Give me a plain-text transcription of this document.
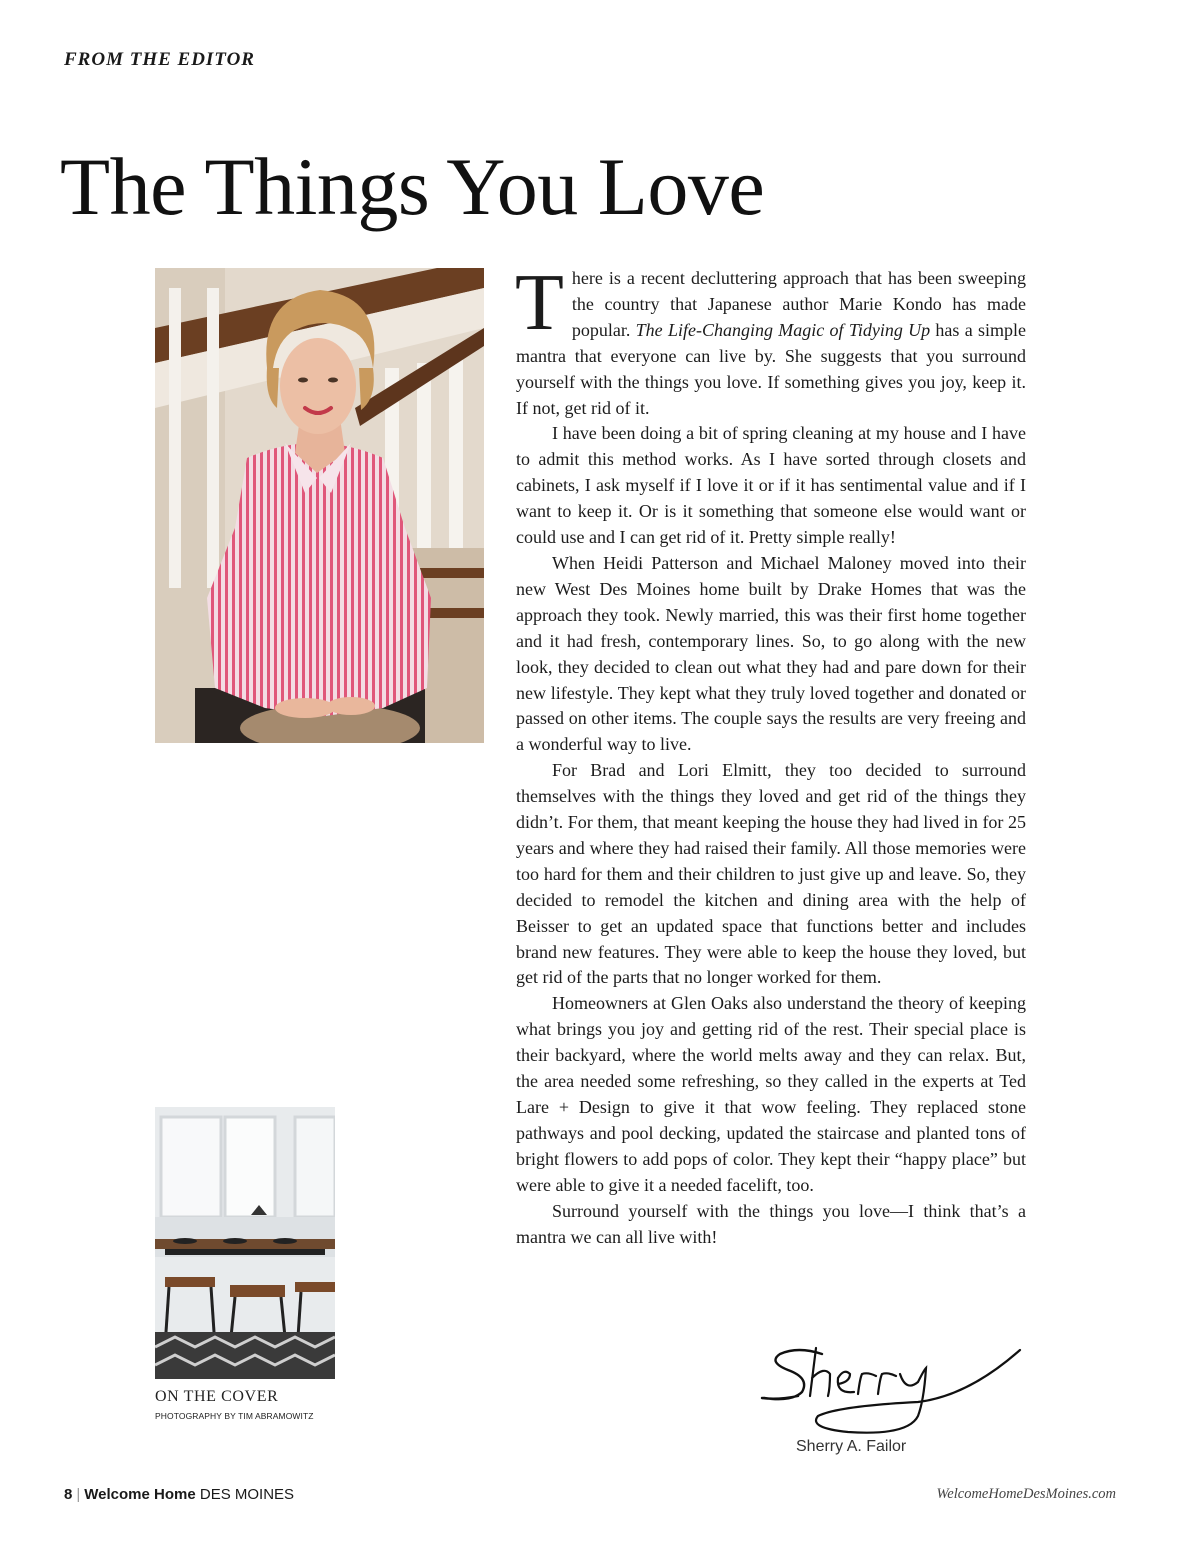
FROM THE EDITOR
The Things You Love

There is a recent decluttering approach that has been sweeping the country that Japanese author Marie Kondo has made popular. The Life-Changing Magic of Tidying Up has a simple mantra that everyone can live by. She suggests that you surround yourself with the things you love. If something gives you joy, keep it. If not, get rid of it.

I have been doing a bit of spring cleaning at my house and I have to admit this method works. As I have sorted through closets and cabinets, I ask myself if I love it or if it has sentimental value and if I want to keep it. Or is it something that someone else would want or could use and I can get rid of it. Pretty simple really!

When Heidi Patterson and Michael Maloney moved into their new West Des Moines home built by Drake Homes that was the approach they took. Newly married, this was their first home together and it had fresh, contemporary lines. So, to go along with the new look, they decided to clean out what they had and pare down for their new lifestyle. They kept what they truly loved together and donated or passed on other items. The couple says the results are very freeing and a wonderful way to live.

For Brad and Lori Elmitt, they too decided to surround themselves with the things they loved and get rid of the things they didn’t. For them, that meant keeping the house they had lived in for 25 years and where they had raised their family. All those memories were too hard for them and their children to just give up and leave. So, they decided to remodel the kitchen and dining area with the help of Beisser to get an updated space that functions better and includes brand new features. They were able to keep the house they loved, but get rid of the parts that no longer worked for them.

Homeowners at Glen Oaks also understand the theory of keeping what brings you joy and getting rid of the rest. Their special place is their backyard, where the world melts away and they can relax. But, the area needed some refreshing, so they called in the experts at Ted Lare + Design to give it that wow feeling. They replaced stone pathways and pool decking, updated the staircase and planted tons of bright flowers to add pops of color. They kept their “happy place” but were able to give it a needed facelift, too.

Surround yourself with the things you love—I think that’s a mantra we can all live with!

ON THE COVER
PHOTOGRAPHY BY TIM ABRAMOWITZ
Sherry A. Failor
8 | Welcome Home DES MOINES	WelcomeHomeDesMoines.com
